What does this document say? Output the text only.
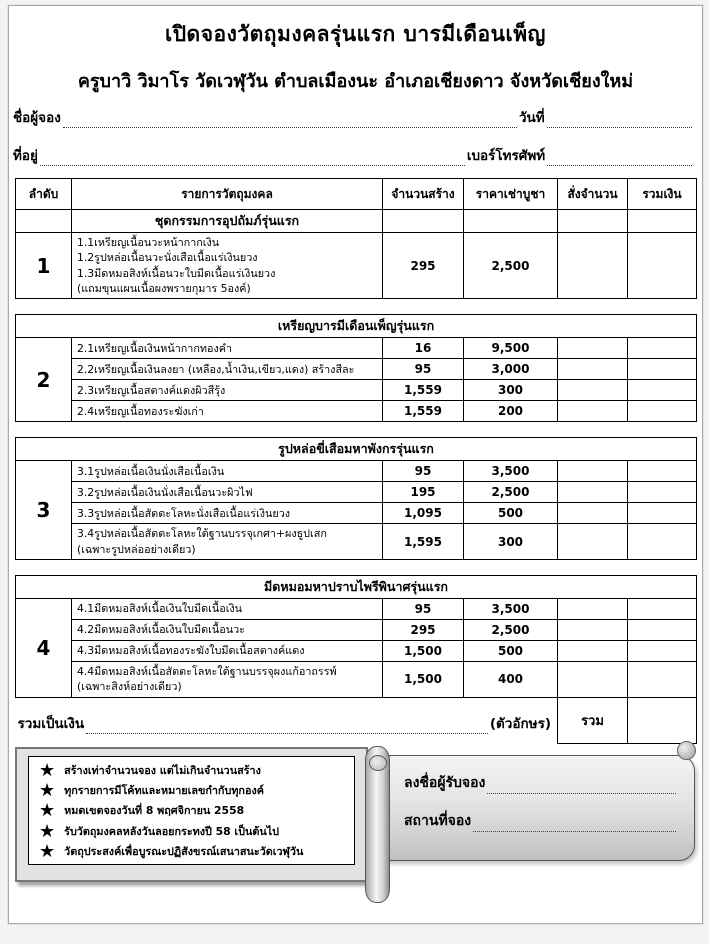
เปิดจองวัตถุมงคลรุ่นแรก บารมีเดือนเพ็ญ
ครูบาวิ วิมาโร วัดเวฬุวัน ตำบลเมืองนะ อำเภอเชียงดาว จังหวัดเชียงใหม่
ชื่อผู้จอง	วันที่
ที่อยู่	เบอร์โทรศัพท์
ลำดับ	รายการวัตถุมงคล	จำนวนสร้าง	ราคาเช่าบูชา	สั่งจำนวน	รวมเงิน
	ชุดกรรมการอุปถัมภ์รุ่นแรก				
1	1.1เหรียญเนื้อนวะหน้ากากเงิน
1.2รูปหล่อเนื้อนวะนั่งเสือเนื้อแร่เงินยวง
1.3มีดหมอสิงห์เนื้อนวะใบมีดเนื้อแร่เงินยวง
(แถมขุนแผนเนื้อผงพรายกุมาร 5องค์)	295	2,500		
เหรียญบารมีเดือนเพ็ญรุ่นแรก					
2	2.1เหรียญเนื้อเงินหน้ากากทองคำ	16	9,500		

	2.2เหรียญเนื้อเงินลงยา (เหลือง,น้ำเงิน,เขียว,แดง) สร้างสีละ	95	3,000		

	2.3เหรียญเนื้อสตางค์แดงผิวสีรุ้ง	1,559	300		

	2.4เหรียญเนื้อทองระฆังเก่า	1,559	200		
รูปหล่อขี่เสือมหาพังกรรุ่นแรก					
3	3.1รูปหล่อเนื้อเงินนั่งเสือเนื้อเงิน	95	3,500		

	3.2รูปหล่อเนื้อเงินนั่งเสือเนื้อนวะผิวไฟ	195	2,500		

	3.3รูปหล่อเนื้อสัตตะโลหะนั่งเสือเนื้อแร่เงินยวง	1,095	500		

	3.4รูปหล่อเนื้อสัตตะโลหะใต้ฐานบรรจุเกศา+ผงธูปเสก
(เฉพาะรูปหล่ออย่างเดียว)	1,595	300		
มีดหมอมหาปราบไพรีพินาศรุ่นแรก					
4	4.1มีดหมอสิงห์เนื้อเงินใบมีดเนื้อเงิน	95	3,500		

	4.2มีดหมอสิงห์เนื้อเงินใบมีดเนื้อนวะ	295	2,500		

	4.3มีดหมอสิงห์เนื้อทองระฆังใบมีดเนื้อสตางค์แดง	1,500	500		

	4.4มีดหมอสิงห์เนื้อสัตตะโลหะใต้ฐานบรรจุผงแก้อาถรรพ์
(เฉพาะสิงห์อย่างเดียว)	1,500	400		

รวมเป็นเงิน (ตัวอักษร)				รวม	
★ สร้างเท่าจำนวนจอง แต่ไม่เกินจำนวนสร้าง
★ ทุกรายการมีโค้ทและหมายเลขกำกับทุกองค์
★ หมดเขตจองวันที่ 8 พฤศจิกายน 2558
★ รับวัตถุมงคลหลังวันลอยกระทงปี 58 เป็นต้นไป
★ วัตถุประสงค์เพื่อบูรณะปฏิสังขรณ์เสนาสนะวัดเวฬุวัน
ลงชื่อผู้รับจอง
สถานที่จอง
